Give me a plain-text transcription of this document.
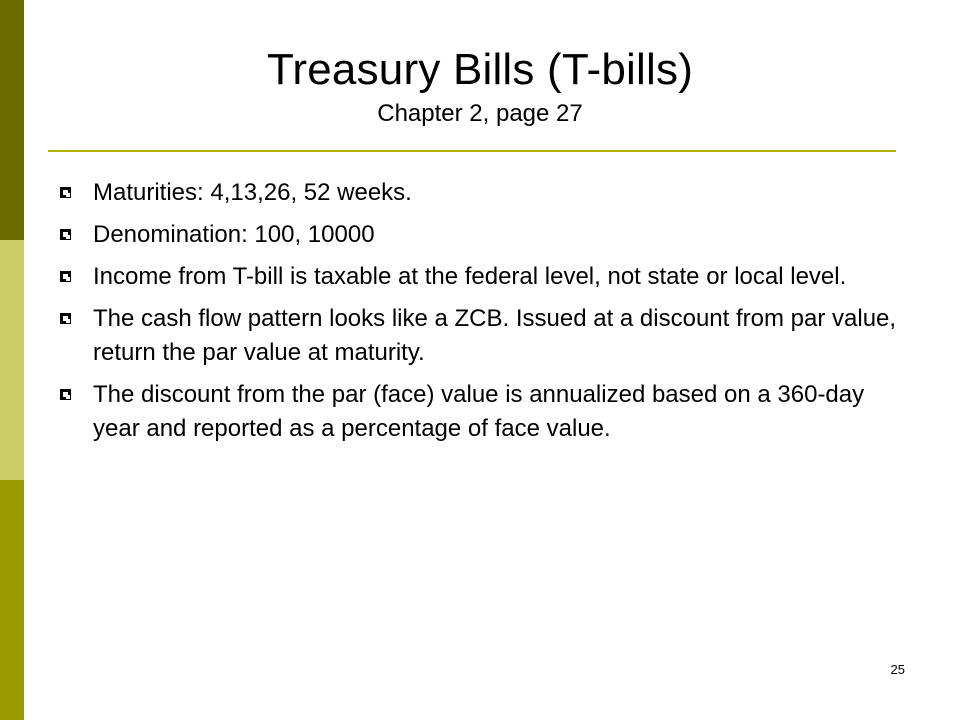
Treasury Bills (T-bills)
Chapter 2, page 27
Maturities: 4,13,26, 52 weeks.
Denomination: 100, 10000
Income from T-bill is taxable at the federal level, not state or local level.
The cash flow pattern looks like a ZCB. Issued at a discount from par value, return the par value at maturity.
The discount from the par (face) value is annualized based on a 360-day year and reported as a percentage of face value.
25
